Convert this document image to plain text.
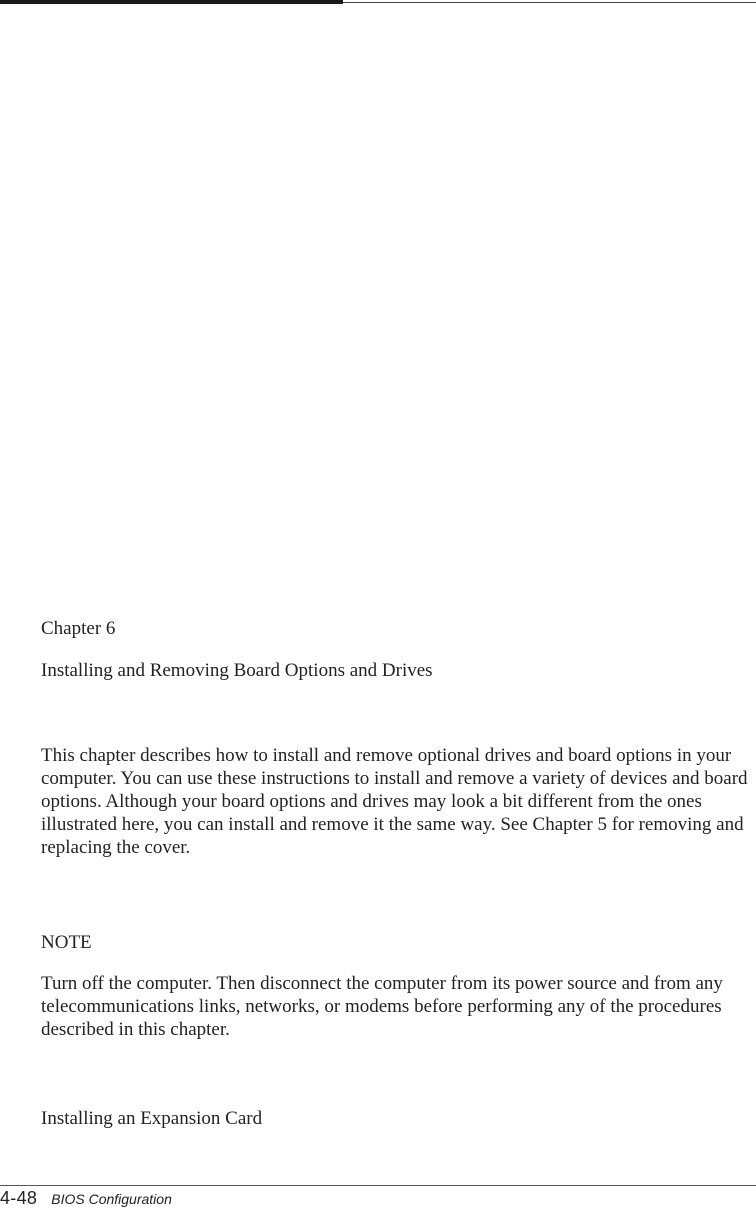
Chapter 6

Installing and Removing Board Options and Drives

This chapter describes how to install and remove optional drives and board options in your computer. You can use these instructions to install and remove a variety of devices and board options. Although your board options and drives may look a bit different from the ones illustrated here, you can install and remove it the same way. See Chapter 5 for removing and replacing the cover.

NOTE

Turn off the computer. Then disconnect the computer from its power source and from any telecommunications links, networks, or modems before performing any of the procedures described in this chapter.

Installing an Expansion Card

4-48 BIOS Configuration
